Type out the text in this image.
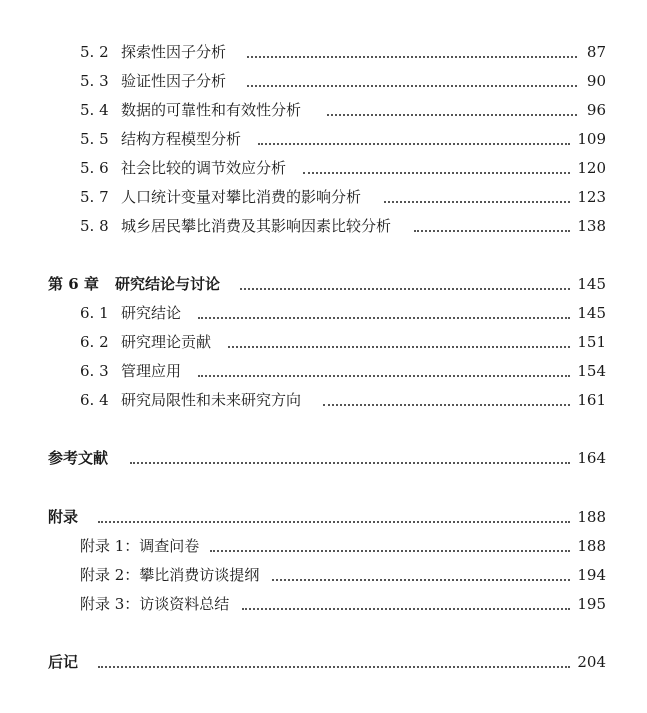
5. 2 探索性因子分析	87
5. 3 验证性因子分析	90
5. 4 数据的可靠性和有效性分析	96
5. 5 结构方程模型分析	109
5. 6 社会比较的调节效应分析	120
5. 7 人口统计变量对攀比消费的影响分析	123
5. 8 城乡居民攀比消费及其影响因素比较分析	138
第 6 章 研究结论与讨论	145
6. 1 研究结论	145
6. 2 研究理论贡献	151
6. 3 管理应用	154
6. 4 研究局限性和未来研究方向	161
参考文献	164
附录	188
附录 1：调查问卷	188
附录 2：攀比消费访谈提纲	194
附录 3：访谈资料总结	195
后记	204
